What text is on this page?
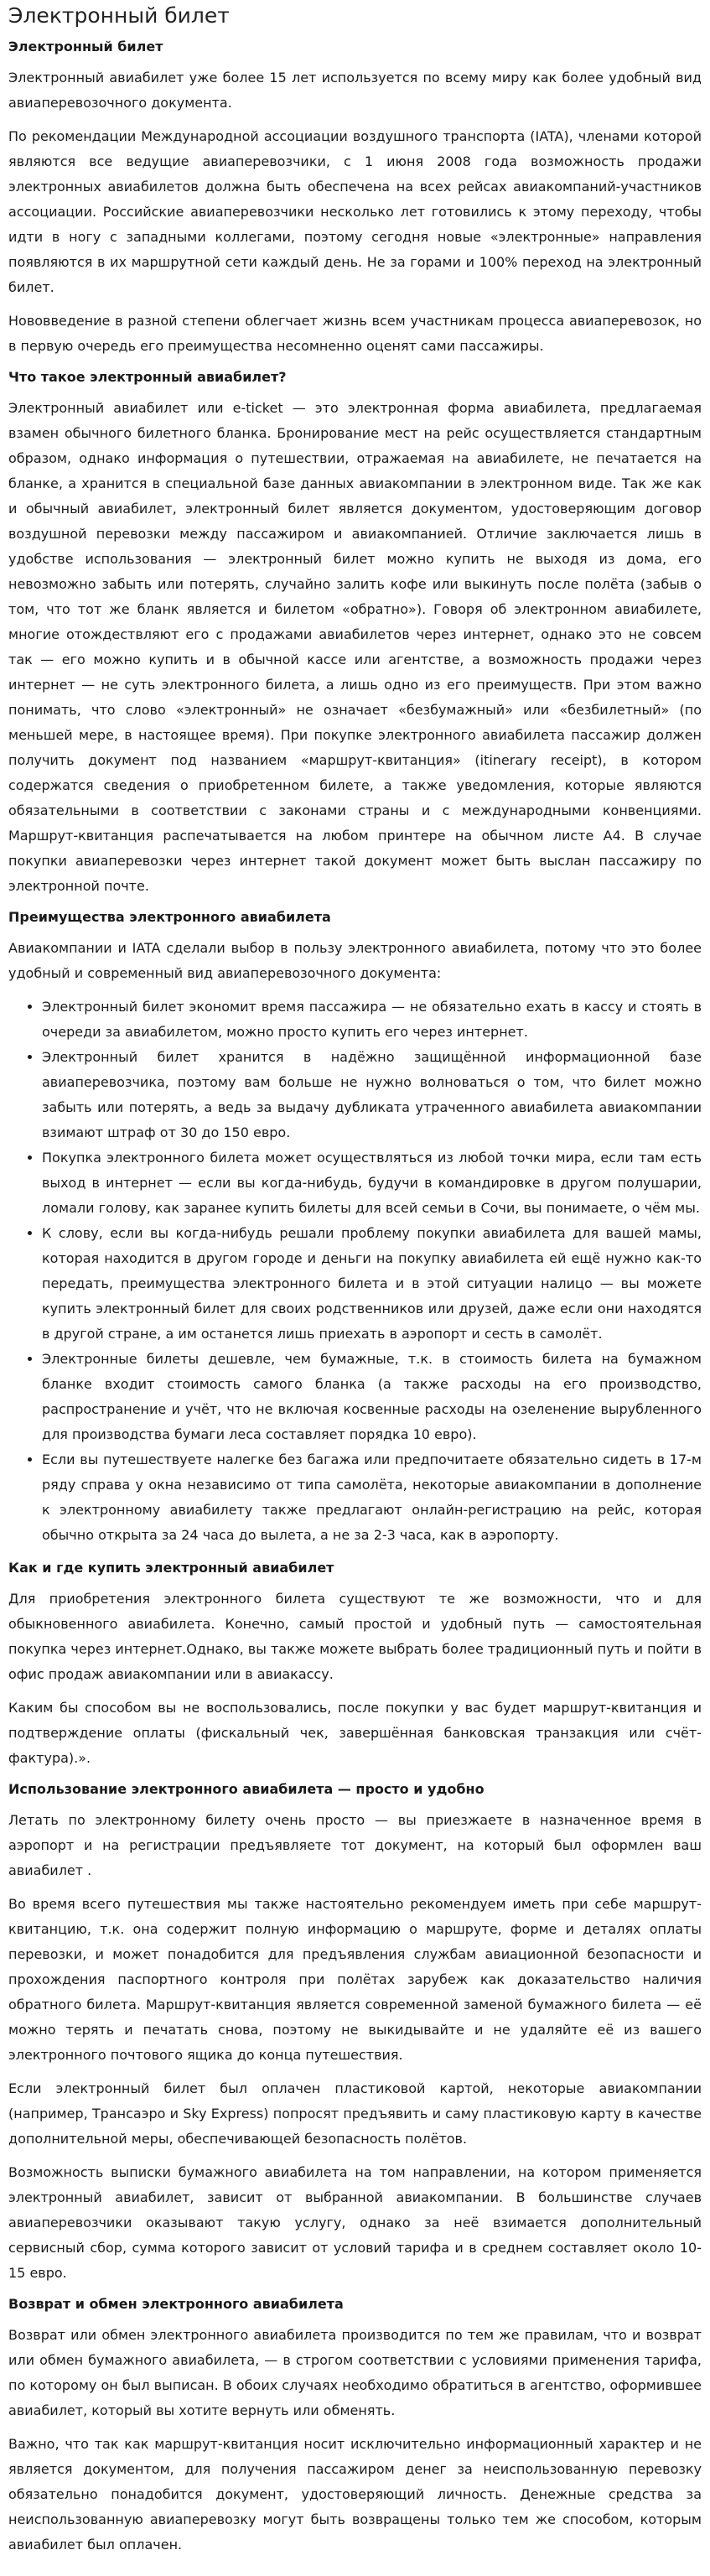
Электронный билет
Электронный билет

Электронный авиабилет уже более 15 лет используется по всему миру как более удобный вид авиаперевозочного документа.

По рекомендации Международной ассоциации воздушного транспорта (IATA), членами которой являются все ведущие авиаперевозчики, с 1 июня 2008 года возможность продажи электронных авиабилетов должна быть обеспечена на всех рейсах авиакомпаний-участников ассоциации. Российские авиаперевозчики несколько лет готовились к этому переходу, чтобы идти в ногу с западными коллегами, поэтому сегодня новые «электронные» направления появляются в их маршрутной сети каждый день. Не за горами и 100% переход на электронный билет.

Нововведение в разной степени облегчает жизнь всем участникам процесса авиаперевозок, но в первую очередь его преимущества несомненно оценят сами пассажиры.

Что такое электронный авиабилет?

Электронный авиабилет или e-ticket — это электронная форма авиабилета, предлагаемая взамен обычного билетного бланка. Бронирование мест на рейс осуществляется стандартным образом, однако информация о путешествии, отражаемая на авиабилете, не печатается на бланке, а хранится в специальной базе данных авиакомпании в электронном виде. Так же как и обычный авиабилет, электронный билет является документом, удостоверяющим договор воздушной перевозки между пассажиром и авиакомпанией. Отличие заключается лишь в удобстве использования — электронный билет можно купить не выходя из дома, его невозможно забыть или потерять, случайно залить кофе или выкинуть после полёта (забыв о том, что тот же бланк является и билетом «обратно»). Говоря об электронном авиабилете, многие отождествляют его с продажами авиабилетов через интернет, однако это не совсем так — его можно купить и в обычной кассе или агентстве, а возможность продажи через интернет — не суть электронного билета, а лишь одно из его преимуществ. При этом важно понимать, что слово «электронный» не означает «безбумажный» или «безбилетный» (по меньшей мере, в настоящее время). При покупке электронного авиабилета пассажир должен получить документ под названием «маршрут-квитанция» (itinerary receipt), в котором содержатся сведения о приобретенном билете, а также уведомления, которые являются обязательными в соответствии с законами страны и с международными конвенциями. Маршрут-квитанция распечатывается на любом принтере на обычном листе А4. В случае покупки авиаперевозки через интернет такой документ может быть выслан пассажиру по электронной почте.

Преимущества электронного авиабилета

Авиакомпании и IATA сделали выбор в пользу электронного авиабилета, потому что это более удобный и современный вид авиаперевозочного документа:

• Электронный билет экономит время пассажира — не обязательно ехать в кассу и стоять в очереди за авиабилетом, можно просто купить его через интернет.
• Электронный билет хранится в надёжно защищённой информационной базе авиаперевозчика, поэтому вам больше не нужно волноваться о том, что билет можно забыть или потерять, а ведь за выдачу дубликата утраченного авиабилета авиакомпании взимают штраф от 30 до 150 евро.
• Покупка электронного билета может осуществляться из любой точки мира, если там есть выход в интернет — если вы когда-нибудь, будучи в командировке в другом полушарии, ломали голову, как заранее купить билеты для всей семьи в Сочи, вы понимаете, о чём мы.
• К слову, если вы когда-нибудь решали проблему покупки авиабилета для вашей мамы, которая находится в другом городе и деньги на покупку авиабилета ей ещё нужно как-то передать, преимущества электронного билета и в этой ситуации налицо — вы можете купить электронный билет для своих родственников или друзей, даже если они находятся в другой стране, а им останется лишь приехать в аэропорт и сесть в самолёт.
• Электронные билеты дешевле, чем бумажные, т.к. в стоимость билета на бумажном бланке входит стоимость самого бланка (а также расходы на его производство, распространение и учёт, что не включая косвенные расходы на озеленение вырубленного для производства бумаги леса составляет порядка 10 евро).
• Если вы путешествуете налегке без багажа или предпочитаете обязательно сидеть в 17-м ряду справа у окна независимо от типа самолёта, некоторые авиакомпании в дополнение к электронному авиабилету также предлагают онлайн-регистрацию на рейс, которая обычно открыта за 24 часа до вылета, а не за 2-3 часа, как в аэропорту.
Как и где купить электронный авиабилет

Для приобретения электронного билета существуют те же возможности, что и для обыкновенного авиабилета. Конечно, самый простой и удобный путь — самостоятельная покупка через интернет.Однако, вы также можете выбрать более традиционный путь и пойти в офис продаж авиакомпании или в авиакассу.

Каким бы способом вы не воспользовались, после покупки у вас будет маршрут-квитанция и подтверждение оплаты (фискальный чек, завершённая банковская транзакция или счёт-фактура).».

Использование электронного авиабилета — просто и удобно

Летать по электронному билету очень просто — вы приезжаете в назначенное время в аэропорт и на регистрации предъявляете тот документ, на который был оформлен ваш авиабилет .

Во время всего путешествия мы также настоятельно рекомендуем иметь при себе маршрут-квитанцию, т.к. она содержит полную информацию о маршруте, форме и деталях оплаты перевозки, и может понадобится для предъявления службам авиационной безопасности и прохождения паспортного контроля при полётах зарубеж как доказательство наличия обратного билета. Маршрут-квитанция является современной заменой бумажного билета — её можно терять и печатать снова, поэтому не выкидывайте и не удаляйте её из вашего электронного почтового ящика до конца путешествия.

Если электронный билет был оплачен пластиковой картой, некоторые авиакомпании (например, Трансаэро и Sky Express) попросят предъявить и саму пластиковую карту в качестве дополнительной меры, обеспечивающей безопасность полётов.

Возможность выписки бумажного авиабилета на том направлении, на котором применяется электронный авиабилет, зависит от выбранной авиакомпании. В большинстве случаев авиаперевозчики оказывают такую услугу, однако за неё взимается дополнительный сервисный сбор, сумма которого зависит от условий тарифа и в среднем составляет около 10-15 евро.

Возврат и обмен электронного авиабилета

Возврат или обмен электронного авиабилета производится по тем же правилам, что и возврат или обмен бумажного авиабилета, — в строгом соответствии с условиями применения тарифа, по которому он был выписан. В обоих случаях необходимо обратиться в агентство, оформившее авиабилет, который вы хотите вернуть или обменять.

Важно, что так как маршрут-квитанция носит исключительно информационный характер и не является документом, для получения пассажиром денег за неиспользованную перевозку обязательно понадобится документ, удостоверяющий личность. Денежные средства за неиспользованную авиаперевозку могут быть возвращены только тем же способом, которым авиабилет был оплачен.
